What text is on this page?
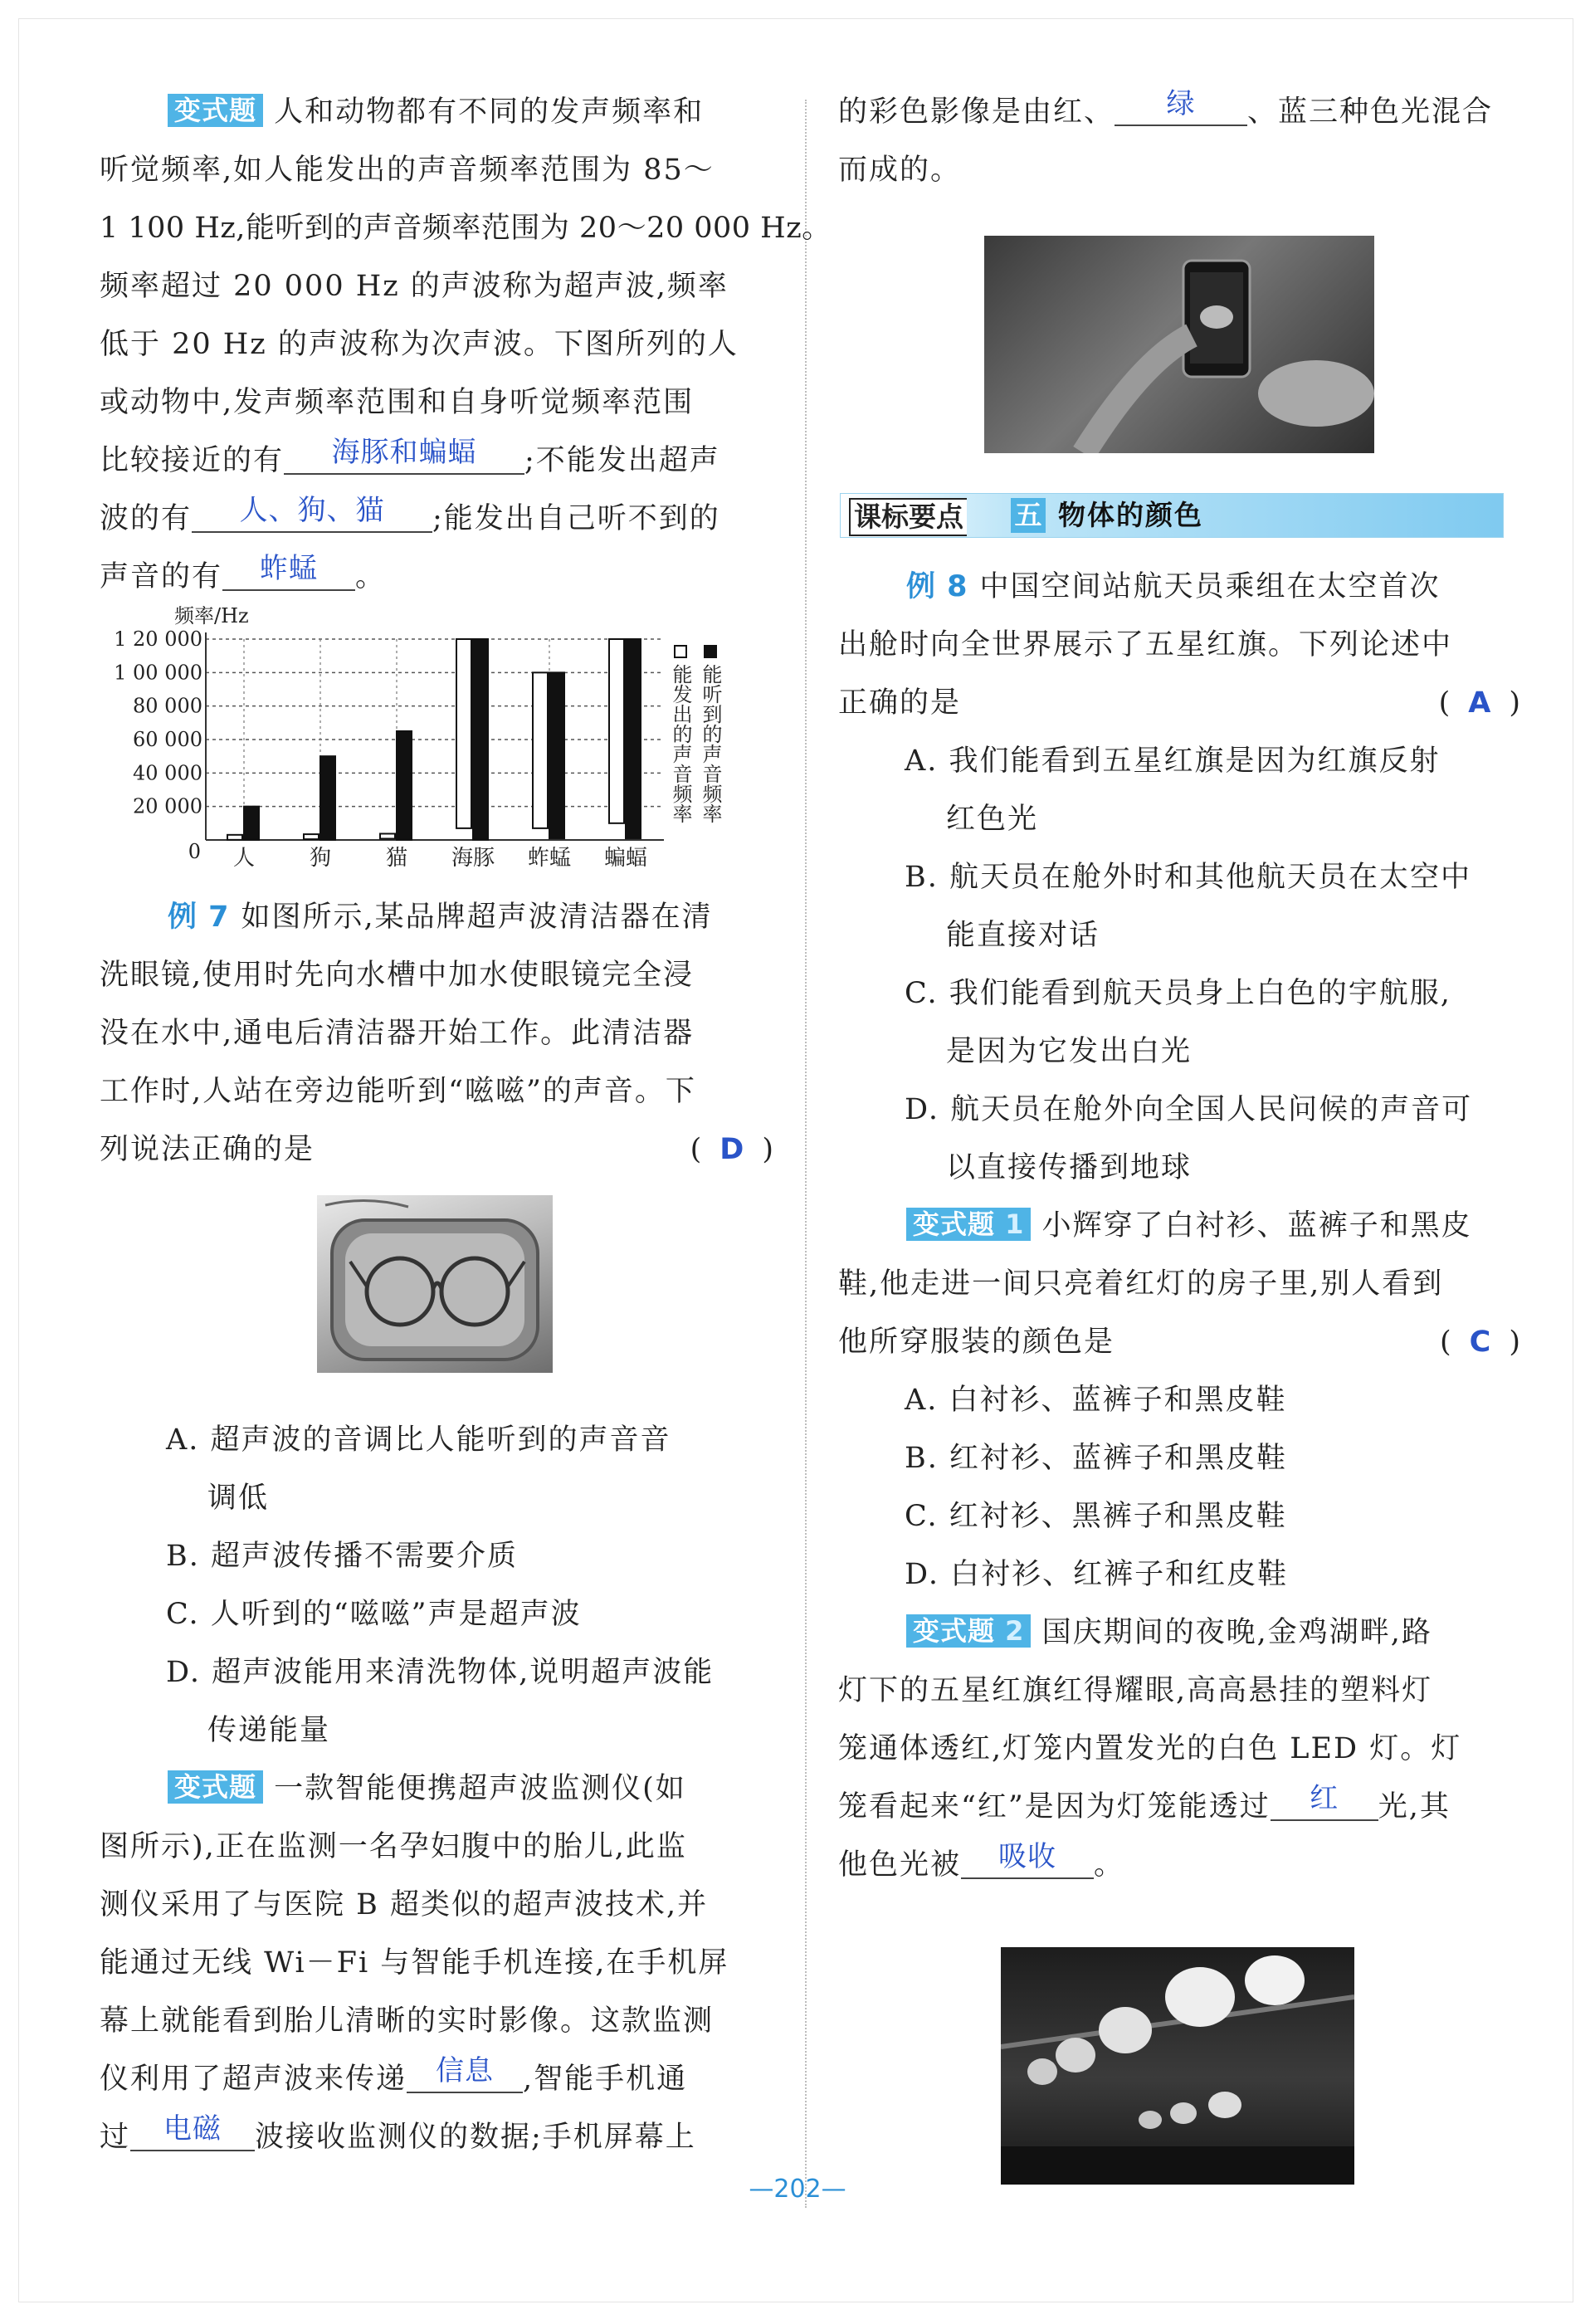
变式题 人和动物都有不同的发声频率和

听觉频率,如人能发出的声音频率范围为 85～

1 100 Hz,能听到的声音频率范围为 20～20 000 Hz。

频率超过 20 000 Hz 的声波称为超声波,频率

低于 20 Hz 的声波称为次声波。下图所列的人

或动物中,发声频率范围和自身听觉频率范围

比较接近的有	海豚和蝙蝠	;不能发出超声

波的有	人、狗、猫	;能发出自己听不到的

声音的有	蚱蜢	。

频率/Hz
1 20 000
1 00 000
80 000
60 000
40 000
20 000
0 人	狗	猫 海豚 蚱蜢 蝙蝠
能发出的声音频率 能听到的声音频率

例 7 如图所示,某品牌超声波清洁器在清

洗眼镜,使用时先向水槽中加水使眼镜完全浸

没在水中,通电后清洁器开始工作。此清洁器

工作时,人站在旁边能听到“嗞嗞”的声音。下

列说法正确的是	( D )

A. 超声波的音调比人能听到的声音音

调低

B. 超声波传播不需要介质

C. 人听到的“嗞嗞”声是超声波

D. 超声波能用来清洗物体,说明超声波能

传递能量

变式题 一款智能便携超声波监测仪(如

图所示),正在监测一名孕妇腹中的胎儿,此监

测仪采用了与医院 B 超类似的超声波技术,并

能通过无线 Wi－Fi 与智能手机连接,在手机屏

幕上就能看到胎儿清晰的实时影像。这款监测

仪利用了超声波来传递	信息	,智能手机通

过	电磁	波接收监测仪的数据;手机屏幕上

的彩色影像是由红、	绿	、蓝三种色光混合

而成的。

课标要点 五 物体的颜色

例 8 中国空间站航天员乘组在太空首次

出舱时向全世界展示了五星红旗。下列论述中

正确的是	( A )

A. 我们能看到五星红旗是因为红旗反射

红色光

B. 航天员在舱外时和其他航天员在太空中

能直接对话

C. 我们能看到航天员身上白色的宇航服,

是因为它发出白光

D. 航天员在舱外向全国人民问候的声音可

以直接传播到地球

变式题 1 小辉穿了白衬衫、蓝裤子和黑皮

鞋,他走进一间只亮着红灯的房子里,别人看到

他所穿服装的颜色是	( C )

A. 白衬衫、蓝裤子和黑皮鞋

B. 红衬衫、蓝裤子和黑皮鞋

C. 红衬衫、黑裤子和黑皮鞋

D. 白衬衫、红裤子和红皮鞋

变式题 2 国庆期间的夜晚,金鸡湖畔,路

灯下的五星红旗红得耀眼,高高悬挂的塑料灯

笼通体透红,灯笼内置发光的白色 LED 灯。灯

笼看起来“红”是因为灯笼能透过	红	光,其

他色光被	吸收	。

—202—
